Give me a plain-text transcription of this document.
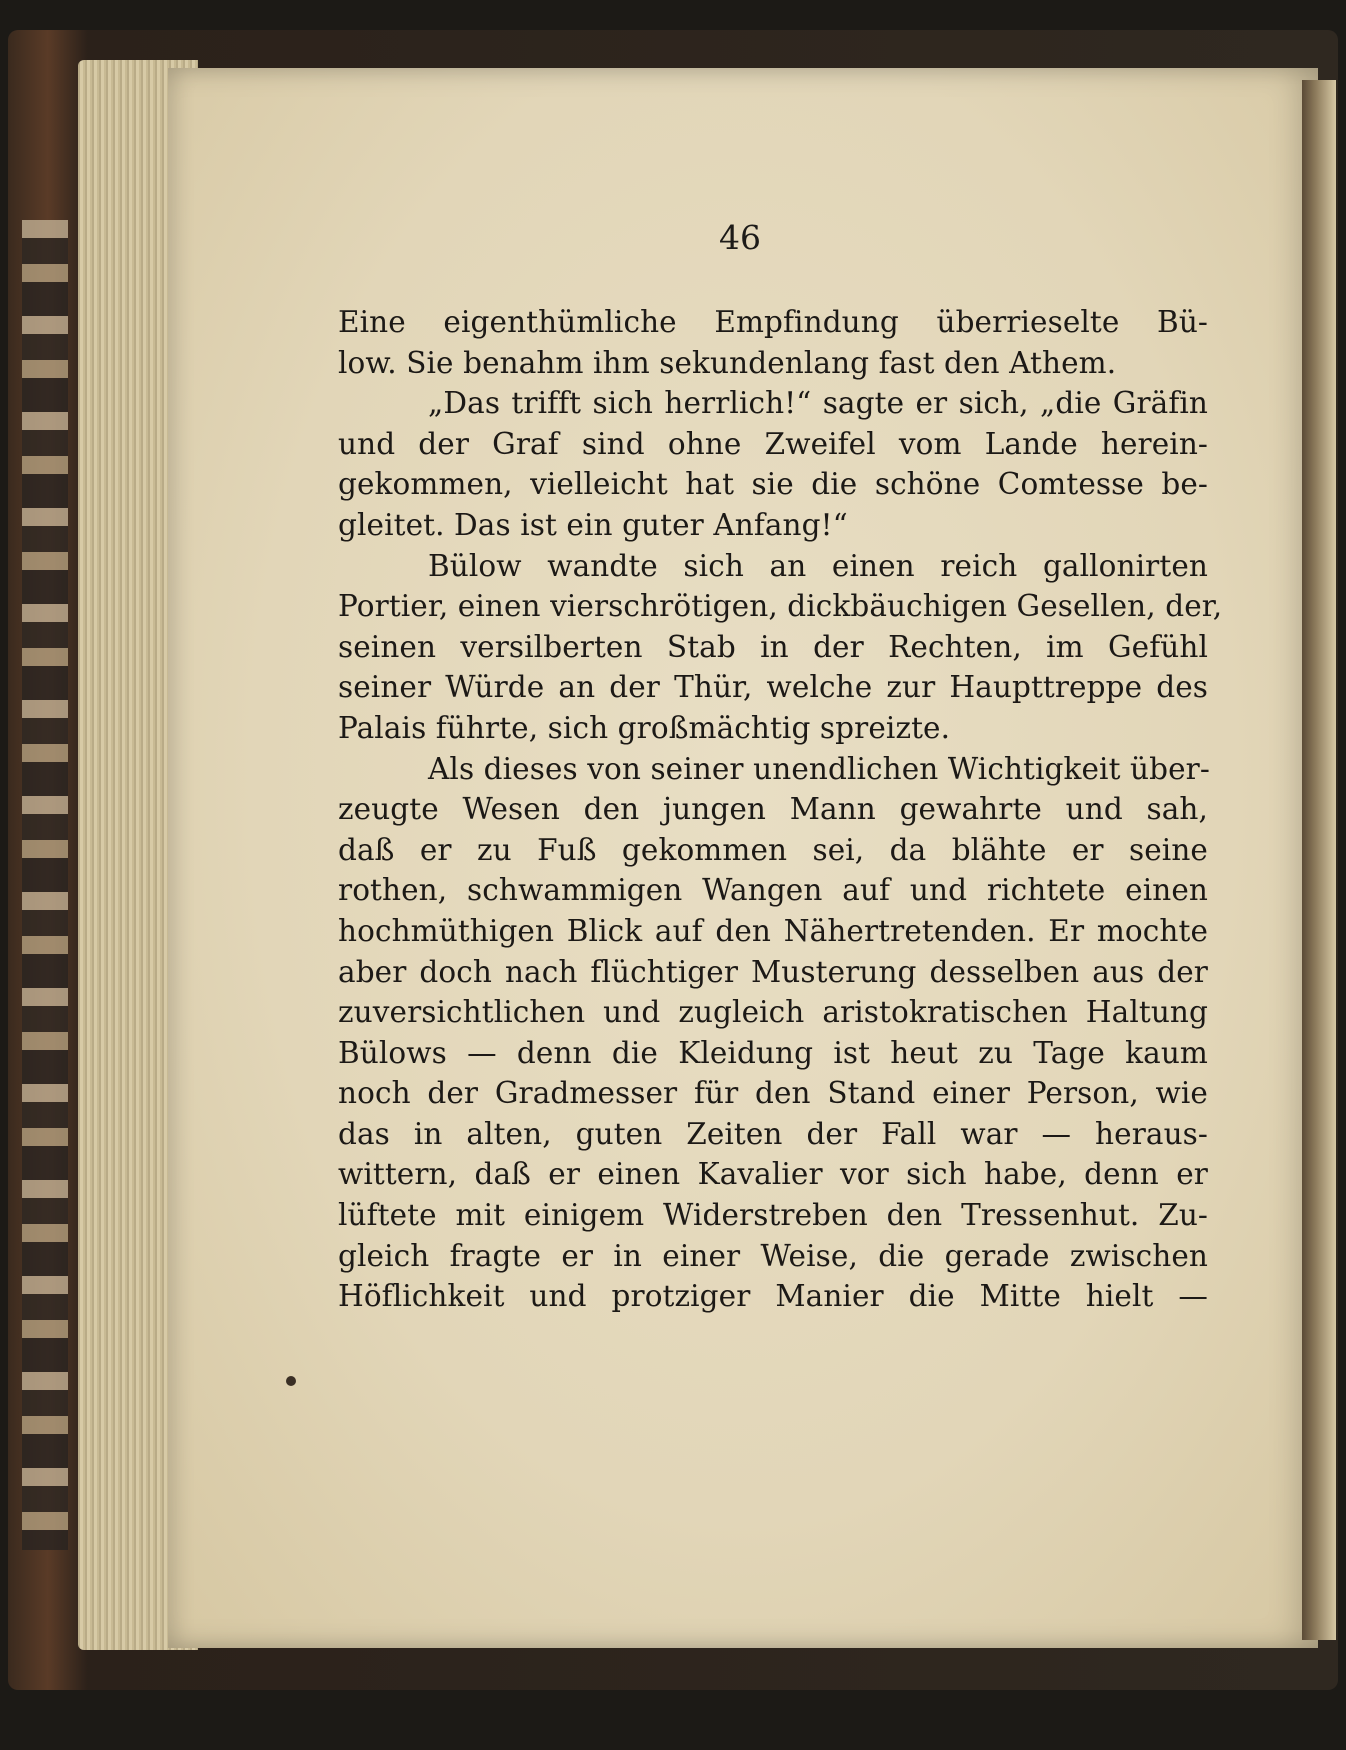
46
Eine eigenthümliche Empfindung überrieselte Bü-
low. Sie benahm ihm sekundenlang fast den Athem.
„Das trifft sich herrlich!“ sagte er sich, „die Gräfin
und der Graf sind ohne Zweifel vom Lande herein-
gekommen, vielleicht hat sie die schöne Comtesse be-
gleitet. Das ist ein guter Anfang!“
Bülow wandte sich an einen reich gallonirten
Portier, einen vierschrötigen, dickbäuchigen Gesellen, der,
seinen versilberten Stab in der Rechten, im Gefühl
seiner Würde an der Thür, welche zur Haupttreppe des
Palais führte, sich großmächtig spreizte.
Als dieses von seiner unendlichen Wichtigkeit über-
zeugte Wesen den jungen Mann gewahrte und sah,
daß er zu Fuß gekommen sei, da blähte er seine
rothen, schwammigen Wangen auf und richtete einen
hochmüthigen Blick auf den Nähertretenden. Er mochte
aber doch nach flüchtiger Musterung desselben aus der
zuversichtlichen und zugleich aristokratischen Haltung
Bülows — denn die Kleidung ist heut zu Tage kaum
noch der Gradmesser für den Stand einer Person, wie
das in alten, guten Zeiten der Fall war — heraus-
wittern, daß er einen Kavalier vor sich habe, denn er
lüftete mit einigem Widerstreben den Tressenhut. Zu-
gleich fragte er in einer Weise, die gerade zwischen
Höflichkeit und protziger Manier die Mitte hielt —
